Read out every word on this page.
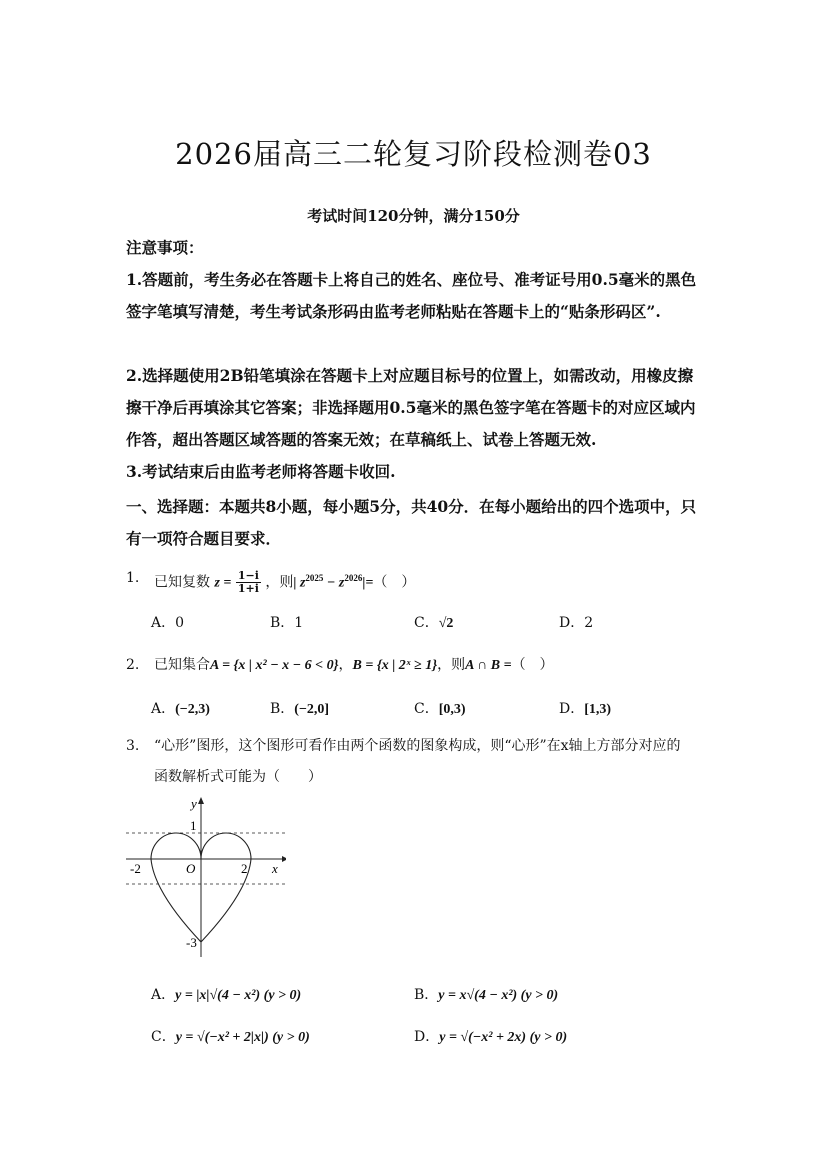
2026届高三二轮复习阶段检测卷03
考试时间120分钟，满分150分
注意事项：
1.答题前，考生务必在答题卡上将自己的姓名、座位号、准考证号用0.5毫米的黑色签字笔填写清楚，考生考试条形码由监考老师粘贴在答题卡上的“贴条形码区”.
2.选择题使用2B铅笔填涂在答题卡上对应题目标号的位置上，如需改动，用橡皮擦擦干净后再填涂其它答案；非选择题用0.5毫米的黑色签字笔在答题卡的对应区域内作答，超出答题区域答题的答案无效；在草稿纸上、试卷上答题无效.
3.考试结束后由监考老师将答题卡收回.
一、选择题：本题共8小题，每小题5分，共40分．在每小题给出的四个选项中，只有一项符合题目要求．
1. 已知复数 $z = \frac{1-i}{1+i}$ ，则| $z^{2025} - z^{2026}|=$（　）
A．0	B．1	C．√2	D．2
2. 已知集合A = {x | x² − x − 6 < 0}，B = {x | 2ˣ ≥ 1}，则A ∩ B =（　）
A．(−2,3)	B．(−2,0]	C．[0,3)	D．[1,3)
3. “心形”图形，这个图形可看作由两个函数的图象构成，则“心形”在x轴上方部分对应的
函数解析式可能为（　　）
y
x
O
1
-2	2
-3
A．y = |x|√(4 − x²) (y > 0)	B．y = x√(4 − x²) (y > 0)
C．y = √(−x² + 2|x|) (y > 0)	D．y = √(−x² + 2x) (y > 0)
